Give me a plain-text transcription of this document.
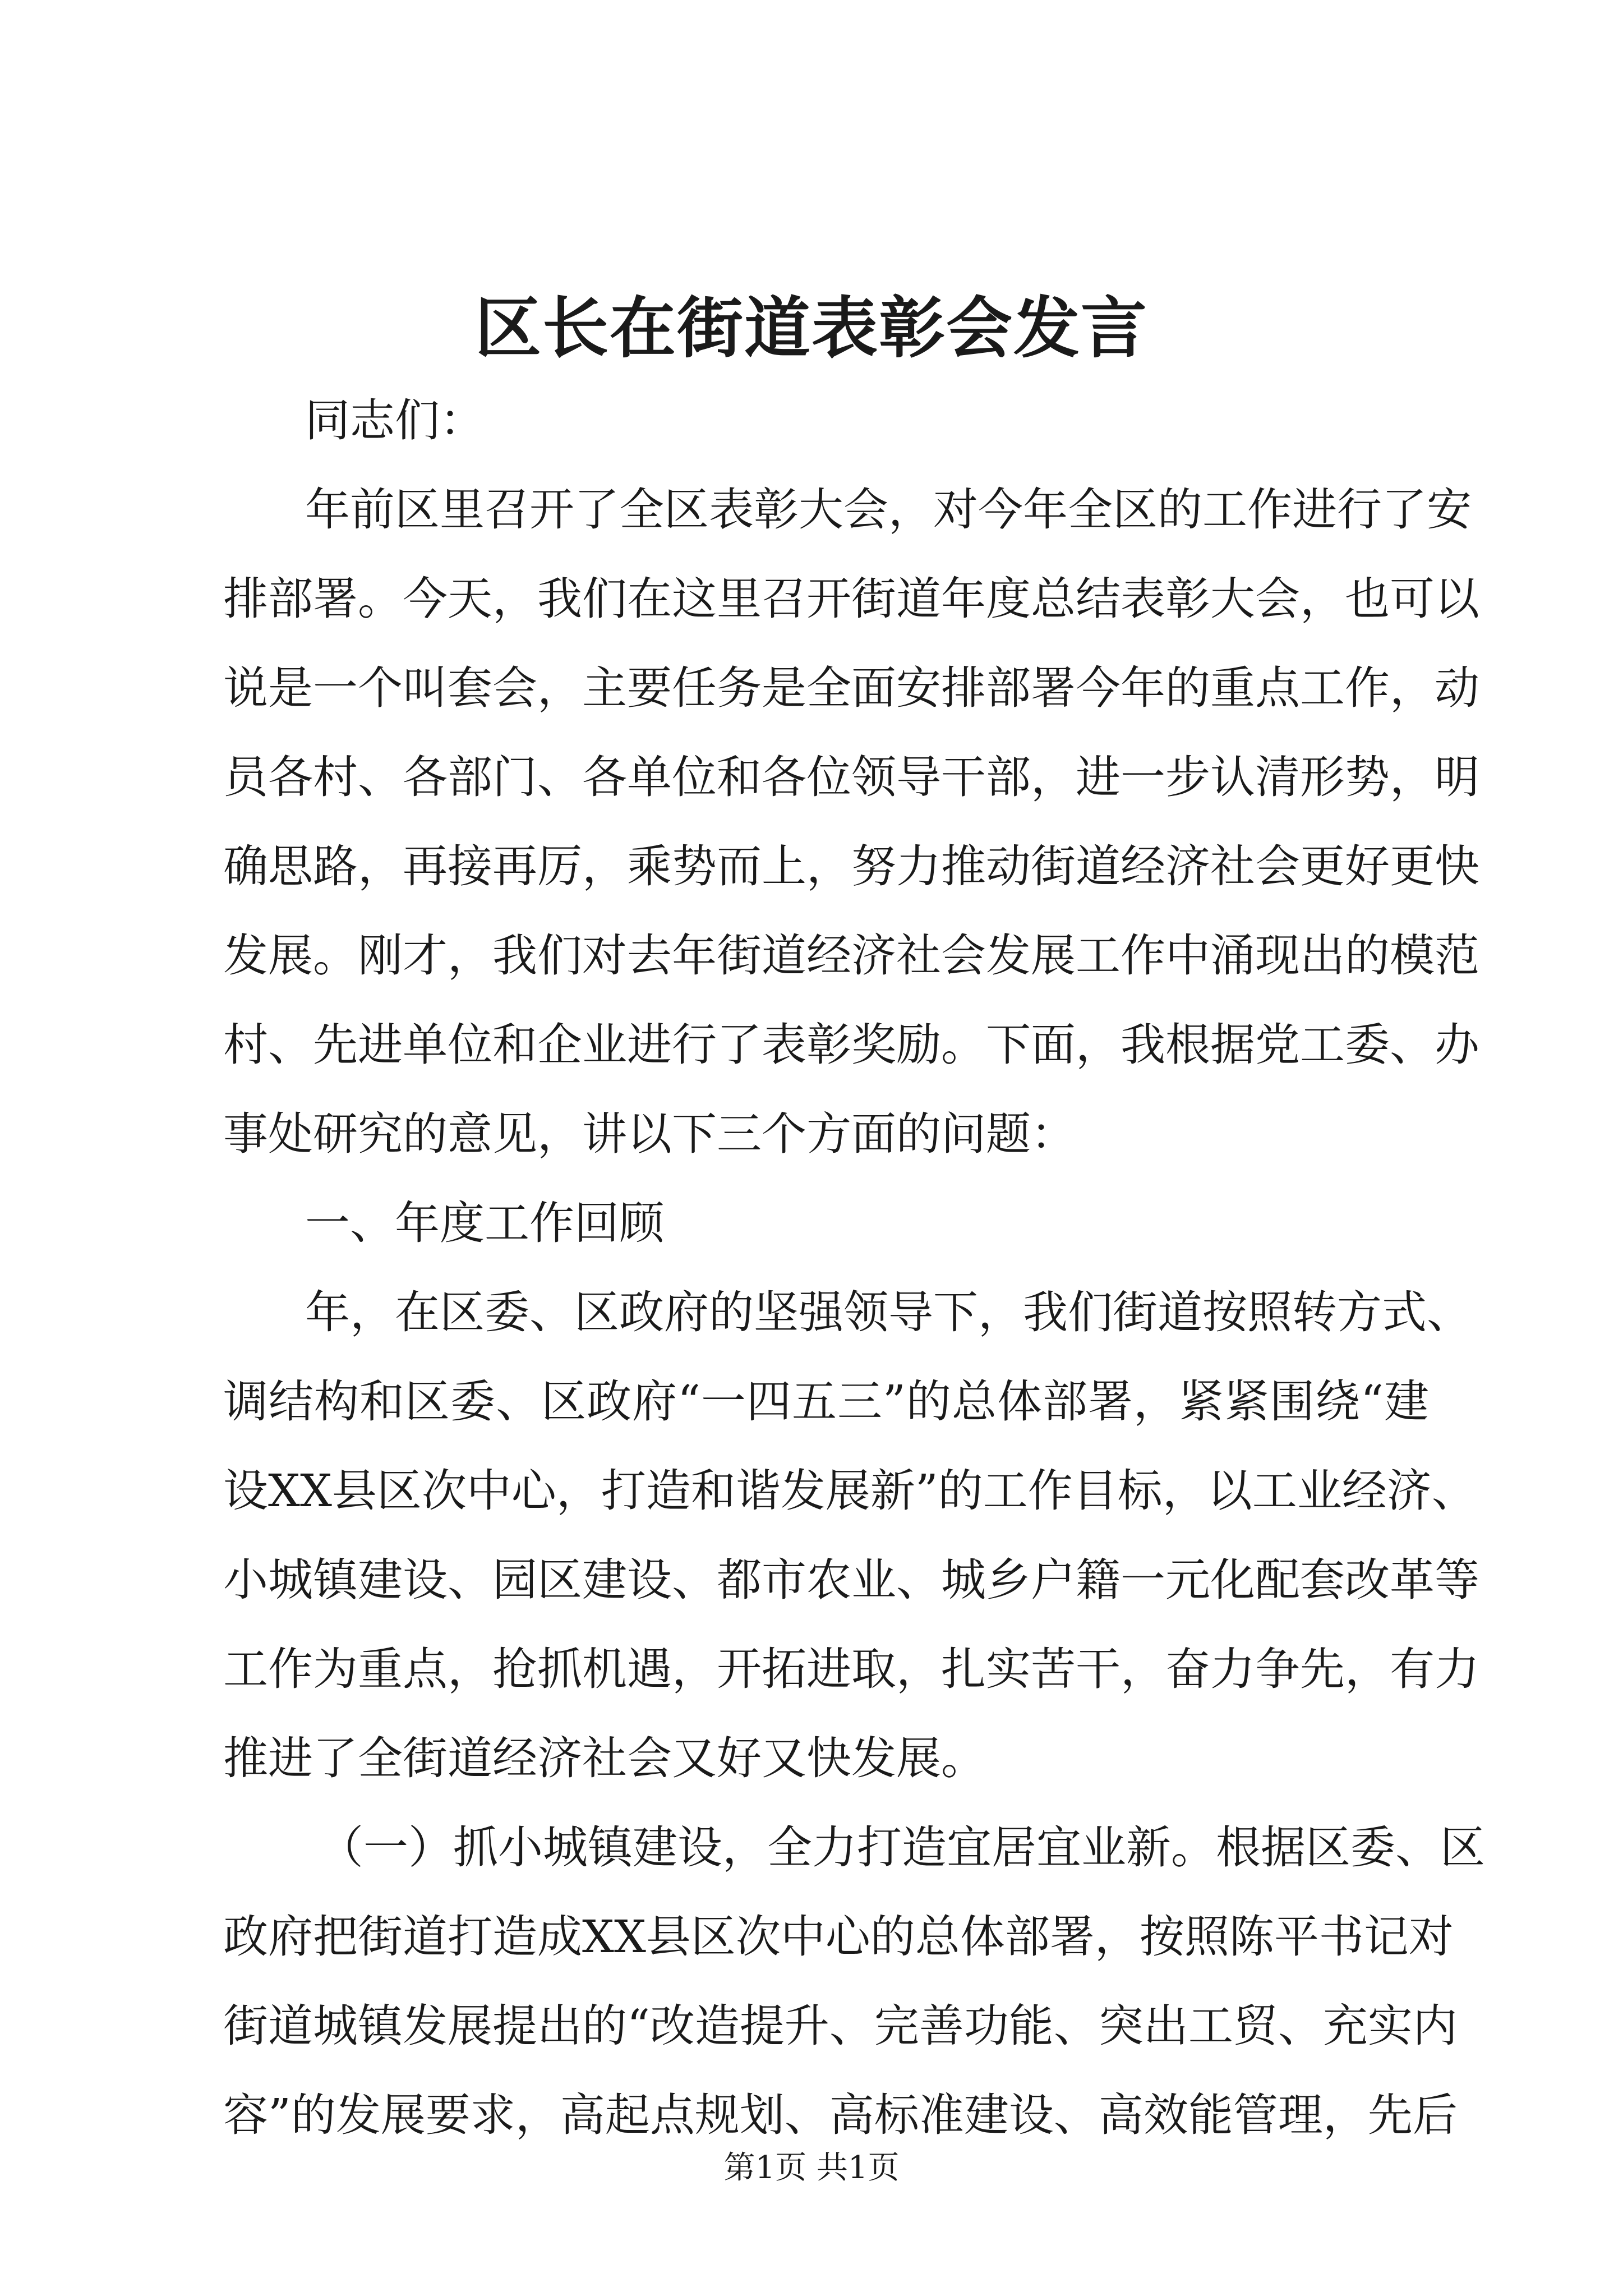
区长在街道表彰会发言
同志们：
年前区里召开了全区表彰大会，对今年全区的工作进行了安
排部署。今天，我们在这里召开街道年度总结表彰大会，也可以
说是一个叫套会，主要任务是全面安排部署今年的重点工作，动
员各村、各部门、各单位和各位领导干部，进一步认清形势，明
确思路，再接再厉，乘势而上，努力推动街道经济社会更好更快
发展。刚才，我们对去年街道经济社会发展工作中涌现出的模范
村、先进单位和企业进行了表彰奖励。下面，我根据党工委、办
事处研究的意见，讲以下三个方面的问题：
一、年度工作回顾
年，在区委、区政府的坚强领导下，我们街道按照转方式、
调结构和区委、区政府“一四五三”的总体部署，紧紧围绕“建
设XX县区次中心，打造和谐发展新”的工作目标，以工业经济、
小城镇建设、园区建设、都市农业、城乡户籍一元化配套改革等
工作为重点，抢抓机遇，开拓进取，扎实苦干，奋力争先，有力
推进了全街道经济社会又好又快发展。
（一）抓小城镇建设，全力打造宜居宜业新。根据区委、区
政府把街道打造成XX县区次中心的总体部署，按照陈平书记对
街道城镇发展提出的“改造提升、完善功能、突出工贸、充实内
容”的发展要求，高起点规划、高标准建设、高效能管理，先后
第1页 共1页
